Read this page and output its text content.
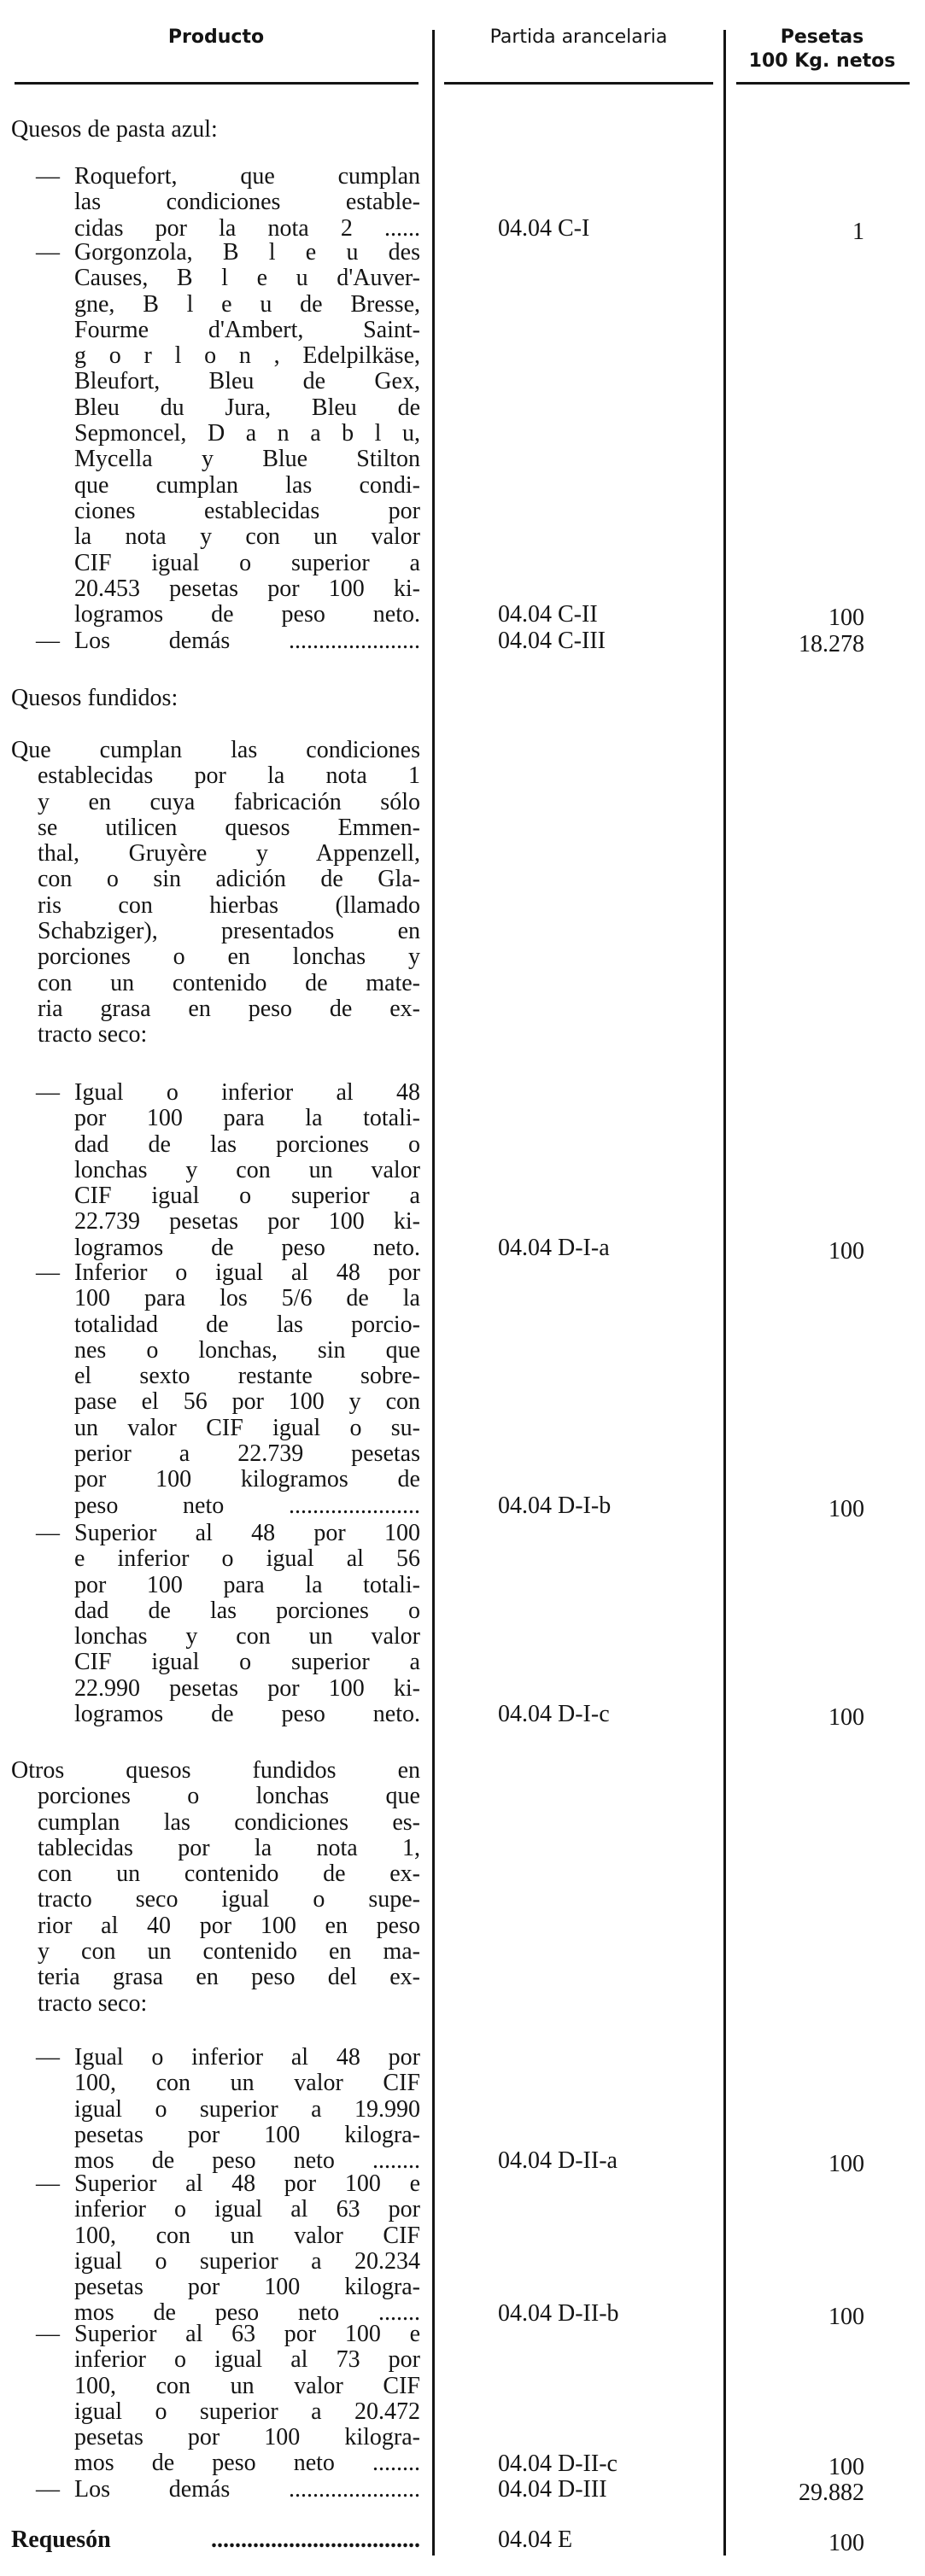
Producto	Partida arancelaria	Pesetas
100 Kg. netos
Quesos de pasta azul:
— Roquefort, que cumplan
las condiciones estable-
cidas por la nota 2 ......	04.04 C-I	1
— Gorgonzola, B l e u des
Causes, B l e u d'Auver-
gne, B l e u de Bresse,
Fourme d'Ambert, Saint-
g o r l o n , Edelpilkäse,
Bleufort, Bleu de Gex,
Bleu du Jura, Bleu de
Sepmoncel, D a n a b l u,
Mycella y Blue Stilton
que cumplan las condi-
ciones establecidas por
la nota y con un valor
CIF igual o superior a
20.453 pesetas por 100 ki-
logramos de peso neto.	04.04 C-II	100
— Los demás ......................	04.04 C-III	18.278
Quesos fundidos:
Que cumplan las condiciones
establecidas por la nota 1
y en cuya fabricación sólo
se utilicen quesos Emmen-
thal, Gruyère y Appenzell,
con o sin adición de Gla-
ris con hierbas (llamado
Schabziger), presentados en
porciones o en lonchas y
con un contenido de mate-
ria grasa en peso de ex-
tracto seco:
— Igual o inferior al 48
por 100 para la totali-
dad de las porciones o
lonchas y con un valor
CIF igual o superior a
22.739 pesetas por 100 ki-
logramos de peso neto.	04.04 D-I-a	100
— Inferior o igual al 48 por
100 para los 5/6 de la
totalidad de las porcio-
nes o lonchas, sin que
el sexto restante sobre-
pase el 56 por 100 y con
un valor CIF igual o su-
perior a 22.739 pesetas
por 100 kilogramos de
peso neto ......................	04.04 D-I-b	100
— Superior al 48 por 100
e inferior o igual al 56
por 100 para la totali-
dad de las porciones o
lonchas y con un valor
CIF igual o superior a
22.990 pesetas por 100 ki-
logramos de peso neto.	04.04 D-I-c	100
Otros quesos fundidos en
porciones o lonchas que
cumplan las condiciones es-
tablecidas por la nota 1,
con un contenido de ex-
tracto seco igual o supe-
rior al 40 por 100 en peso
y con un contenido en ma-
teria grasa en peso del ex-
tracto seco:
— Igual o inferior al 48 por
100, con un valor CIF
igual o superior a 19.990
pesetas por 100 kilogra-
mos de peso neto ........	04.04 D-II-a	100
— Superior al 48 por 100 e
inferior o igual al 63 por
100, con un valor CIF
igual o superior a 20.234
pesetas por 100 kilogra-
mos de peso neto .......	04.04 D-II-b	100
— Superior al 63 por 100 e
inferior o igual al 73 por
100, con un valor CIF
igual o superior a 20.472
pesetas por 100 kilogra-
mos de peso neto ........	04.04 D-II-c	100
— Los demás ......................	04.04 D-III	29.882
Requesón ...................................	04.04 E	100
